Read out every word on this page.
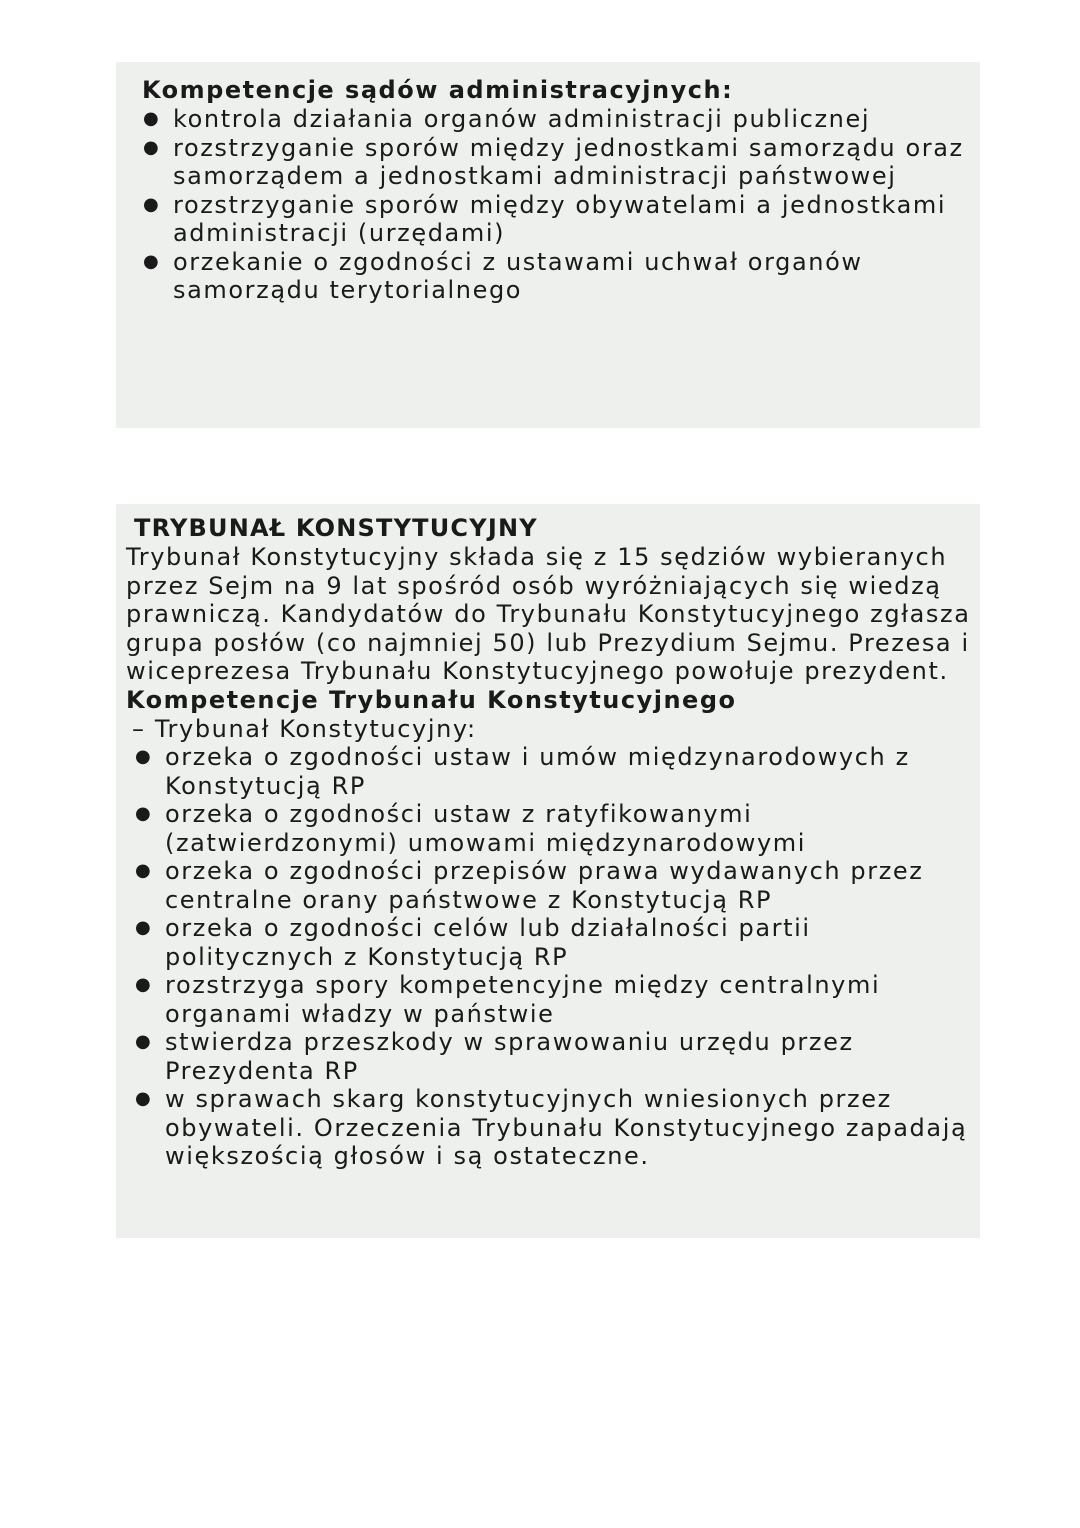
Kompetencje sądów administracyjnych:

● kontrola działania organów administracji publicznej
● rozstrzyganie sporów między jednostkami samorządu oraz samorządem a jednostkami administracji państwowej
● rozstrzyganie sporów między obywatelami a jednostkami administracji (urzędami)
● orzekanie o zgodności z ustawami uchwał organów samorządu terytorialnego

TRYBUNAŁ KONSTYTUCYJNY

Trybunał Konstytucyjny składa się z 15 sędziów wybieranych przez Sejm na 9 lat spośród osób wyróżniających się wiedzą prawniczą. Kandydatów do Trybunału Konstytucyjnego zgłasza grupa posłów (co najmniej 50) lub Prezydium Sejmu. Prezesa i wiceprezesa Trybunału Konstytucyjnego powołuje prezydent.

Kompetencje Trybunału Konstytucyjnego

– Trybunał Konstytucyjny:

● orzeka o zgodności ustaw i umów międzynarodowych z Konstytucją RP
● orzeka o zgodności ustaw z ratyfikowanymi (zatwierdzonymi) umowami międzynarodowymi
● orzeka o zgodności przepisów prawa wydawanych przez centralne orany państwowe z Konstytucją RP
● orzeka o zgodności celów lub działalności partii politycznych z Konstytucją RP
● rozstrzyga spory kompetencyjne między centralnymi organami władzy w państwie
● stwierdza przeszkody w sprawowaniu urzędu przez Prezydenta RP
● w sprawach skarg konstytucyjnych wniesionych przez obywateli. Orzeczenia Trybunału Konstytucyjnego zapadają większością głosów i są ostateczne.
